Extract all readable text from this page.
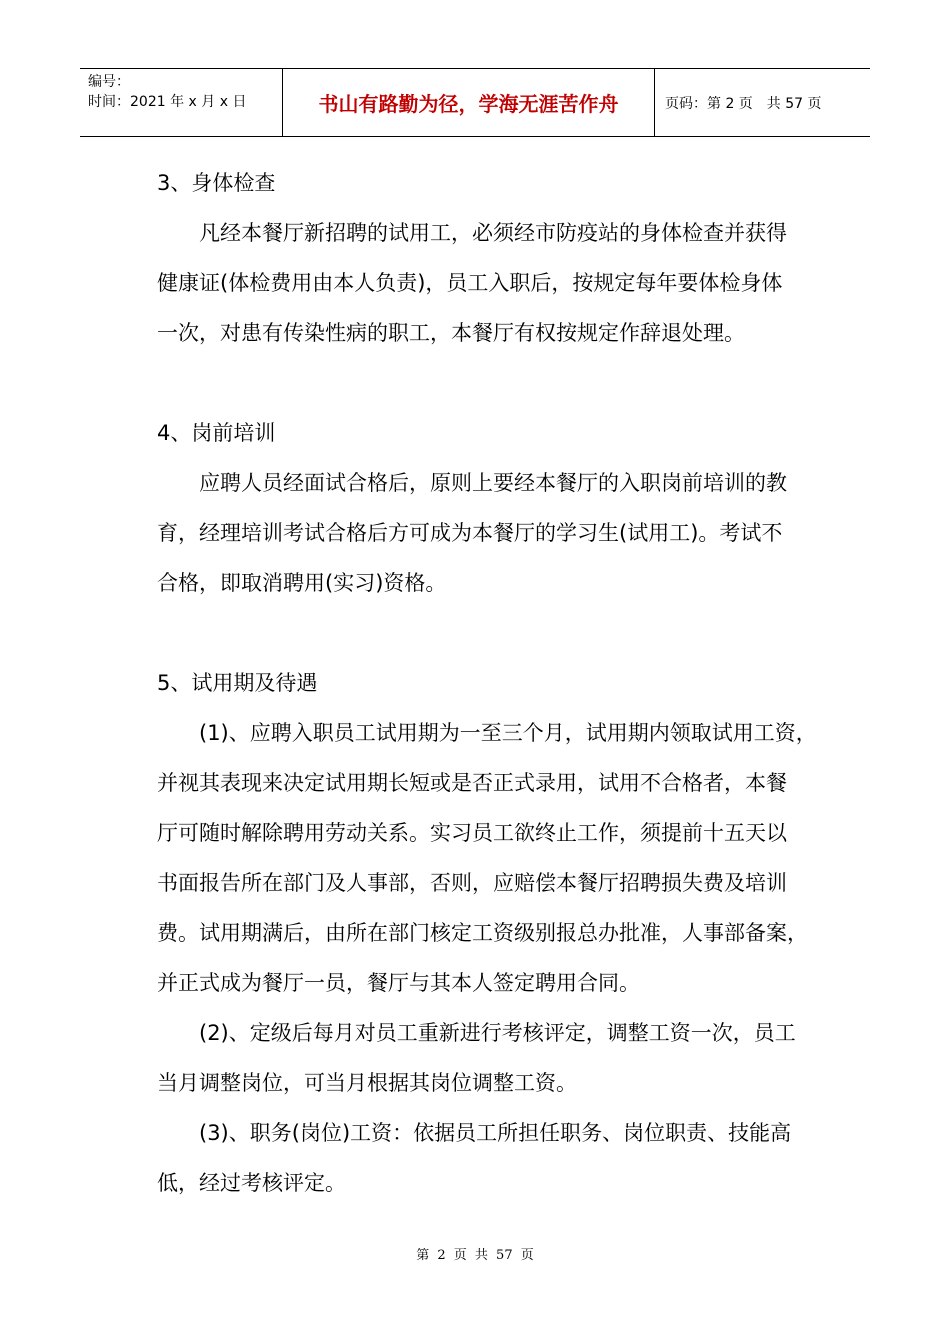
编号：
时间：2021 年 x 月 x 日	书山有路勤为径，学海无涯苦作舟	页码：第 2 页　共 57 页
3、身体检查

　　凡经本餐厅新招聘的试用工，必须经市防疫站的身体检查并获得

健康证(体检费用由本人负责)，员工入职后，按规定每年要体检身体

一次，对患有传染性病的职工，本餐厅有权按规定作辞退处理。

4、岗前培训

　　应聘人员经面试合格后，原则上要经本餐厅的入职岗前培训的教

育，经理培训考试合格后方可成为本餐厅的学习生(试用工)。考试不

合格，即取消聘用(实习)资格。

5、试用期及待遇

　　(1)、应聘入职员工试用期为一至三个月，试用期内领取试用工资，

并视其表现来决定试用期长短或是否正式录用，试用不合格者，本餐

厅可随时解除聘用劳动关系。实习员工欲终止工作，须提前十五天以

书面报告所在部门及人事部，否则，应赔偿本餐厅招聘损失费及培训

费。试用期满后，由所在部门核定工资级别报总办批准，人事部备案，

并正式成为餐厅一员，餐厅与其本人签定聘用合同。

　　(2)、定级后每月对员工重新进行考核评定，调整工资一次，员工

当月调整岗位，可当月根据其岗位调整工资。

　　(3)、职务(岗位)工资：依据员工所担任职务、岗位职责、技能高

低，经过考核评定。

第 2 页 共 57 页
